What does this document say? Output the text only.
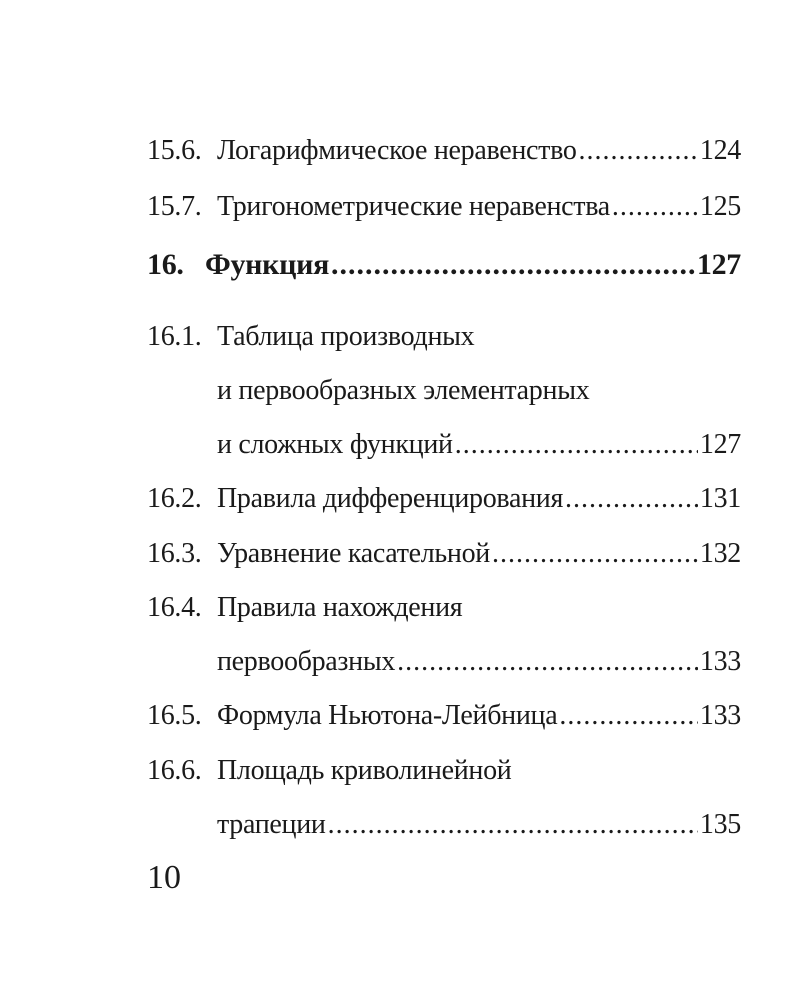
15.6. Логарифмическое неравенство .....	124
15.7. Тригонометрические неравенства .....	125
16. Функция .....	127
16.1. Таблица производных
и первообразных элементарных
и сложных функций .....	127
16.2. Правила дифференцирования .....	131
16.3. Уравнение касательной .....	132
16.4. Правила нахождения
первообразных .....	133
16.5. Формула Ньютона-Лейбница .....	133
16.6. Площадь криволинейной
трапеции .....	135
10
